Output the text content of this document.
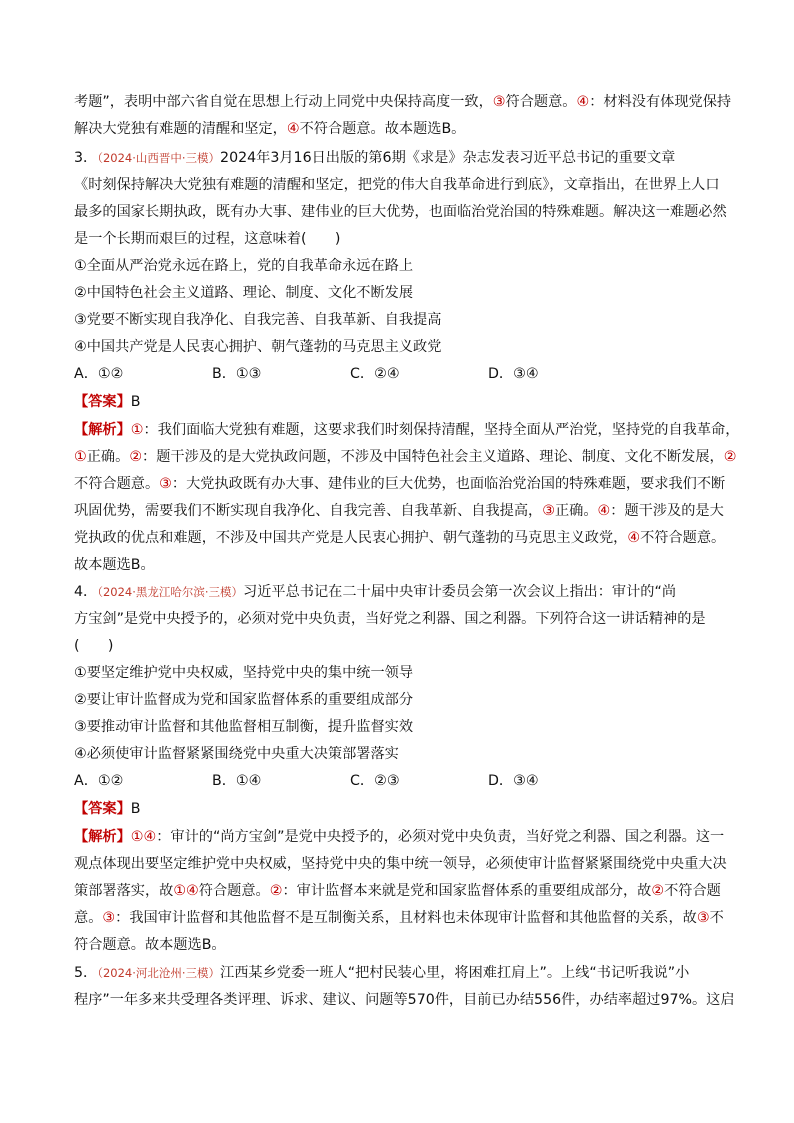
考题”，表明中部六省自觉在思想上行动上同党中央保持高度一致，③符合题意。④：材料没有体现党保持
解决大党独有难题的清醒和坚定，④不符合题意。故本题选B。
3．（2024·山西晋中·三模）2024年3月16日出版的第6期《求是》杂志发表习近平总书记的重要文章
《时刻保持解决大党独有难题的清醒和坚定，把党的伟大自我革命进行到底》，文章指出，在世界上人口
最多的国家长期执政，既有办大事、建伟业的巨大优势，也面临治党治国的特殊难题。解决这一难题必然
是一个长期而艰巨的过程，这意味着(　　)
①全面从严治党永远在路上，党的自我革命永远在路上
②中国特色社会主义道路、理论、制度、文化不断发展
③党要不断实现自我净化、自我完善、自我革新、自我提高
④中国共产党是人民衷心拥护、朝气蓬勃的马克思主义政党
A．①②	B．①③	C．②④	D．③④
【答案】B
【解析】①：我们面临大党独有难题，这要求我们时刻保持清醒，坚持全面从严治党，坚持党的自我革命，
①正确。②：题干涉及的是大党执政问题，不涉及中国特色社会主义道路、理论、制度、文化不断发展，②
不符合题意。③：大党执政既有办大事、建伟业的巨大优势，也面临治党治国的特殊难题，要求我们不断
巩固优势，需要我们不断实现自我净化、自我完善、自我革新、自我提高，③正确。④：题干涉及的是大
党执政的优点和难题，不涉及中国共产党是人民衷心拥护、朝气蓬勃的马克思主义政党，④不符合题意。
故本题选B。
4．（2024·黑龙江哈尔滨·三模）习近平总书记在二十届中央审计委员会第一次会议上指出：审计的“尚
方宝剑”是党中央授予的，必须对党中央负责，当好党之利器、国之利器。下列符合这一讲话精神的是
(　　)
①要坚定维护党中央权威，坚持党中央的集中统一领导
②要让审计监督成为党和国家监督体系的重要组成部分
③要推动审计监督和其他监督相互制衡，提升监督实效
④必须使审计监督紧紧围绕党中央重大决策部署落实
A．①②	B．①④	C．②③	D．③④
【答案】B
【解析】①④：审计的“尚方宝剑”是党中央授予的，必须对党中央负责，当好党之利器、国之利器。这一
观点体现出要坚定维护党中央权威，坚持党中央的集中统一领导，必须使审计监督紧紧围绕党中央重大决
策部署落实，故①④符合题意。②：审计监督本来就是党和国家监督体系的重要组成部分，故②不符合题
意。③：我国审计监督和其他监督不是互制衡关系，且材料也未体现审计监督和其他监督的关系，故③不
符合题意。故本题选B。
5．（2024·河北沧州·三模）江西某乡党委一班人“把村民装心里，将困难扛肩上”。上线“书记听我说”小
程序”一年多来共受理各类评理、诉求、建议、问题等570件，目前已办结556件，办结率超过97%。这启
